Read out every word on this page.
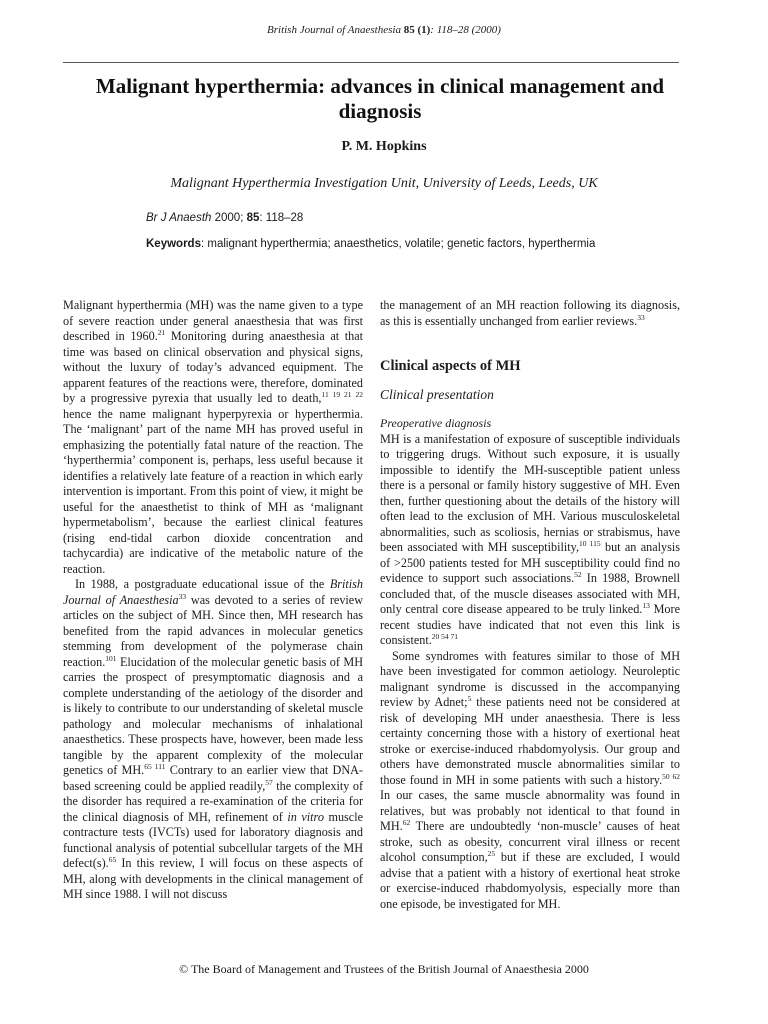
British Journal of Anaesthesia 85 (1): 118–28 (2000)
Malignant hyperthermia: advances in clinical management and diagnosis
P. M. Hopkins
Malignant Hyperthermia Investigation Unit, University of Leeds, Leeds, UK
Br J Anaesth 2000; 85: 118–28
Keywords: malignant hyperthermia; anaesthetics, volatile; genetic factors, hyperthermia

Malignant hyperthermia (MH) was the name given to a type of severe reaction under general anaesthesia that was first described in 1960.21 Monitoring during anaesthesia at that time was based on clinical observation and physical signs, without the luxury of today’s advanced equipment. The apparent features of the reactions were, therefore, dominated by a progressive pyrexia that usually led to death,$^{11 19 21 22}$ hence the name malignant hyperpyrexia or hyperthermia. The ‘malignant’ part of the name MH has proved useful in emphasizing the potentially fatal nature of the reaction. The ‘hyperthermia’ component is, perhaps, less useful because it identifies a relatively late feature of a reaction in which early intervention is important. From this point of view, it might be useful for the anaesthetist to think of MH as ‘malignant hypermetabolism’, because the earliest clinical features (rising end-tidal carbon dioxide concentration and tachycardia) are indicative of the metabolic nature of the reaction.

In 1988, a postgraduate educational issue of the British Journal of Anaesthesia$^{33}$ was devoted to a series of review articles on the subject of MH. Since then, MH research has benefited from the rapid advances in molecular genetics stemming from development of the polymerase chain reaction.$^{101}$ Elucidation of the molecular genetic basis of MH carries the prospect of presymptomatic diagnosis and a complete understanding of the aetiology of the disorder and is likely to contribute to our understanding of skeletal muscle pathology and molecular mechanisms of inhalational anaesthetics. These prospects have, however, been made less tangible by the apparent complexity of the molecular genetics of MH.$^{65 111}$ Contrary to an earlier view that DNA-based screening could be applied readily,$^{57}$ the complexity of the disorder has required a re-examination of the criteria for the clinical diagnosis of MH, refinement of in vitro muscle contracture tests (IVCTs) used for laboratory diagnosis and functional analysis of potential subcellular targets of the MH defect(s).$^{65}$ In this review, I will focus on these aspects of MH, along with developments in the clinical management of MH since 1988. I will not discuss

the management of an MH reaction following its diagnosis, as this is essentially unchanged from earlier reviews.$^{33}$

Clinical aspects of MH
Clinical presentation
Preoperative diagnosis

MH is a manifestation of exposure of susceptible individuals to triggering drugs. Without such exposure, it is usually impossible to identify the MH-susceptible patient unless there is a personal or family history suggestive of MH. Even then, further questioning about the details of the history will often lead to the exclusion of MH. Various musculoskeletal abnormalities, such as scoliosis, hernias or strabismus, have been associated with MH susceptibility,$^{10 115}$ but an analysis of >2500 patients tested for MH susceptibility could find no evidence to support such associations.$^{52}$ In 1988, Brownell concluded that, of the muscle diseases associated with MH, only central core disease appeared to be truly linked.$^{13}$ More recent studies have indicated that not even this link is consistent.$^{20 54 71}$

Some syndromes with features similar to those of MH have been investigated for common aetiology. Neuroleptic malignant syndrome is discussed in the accompanying review by Adnet;$^5$ these patients need not be considered at risk of developing MH under anaesthesia. There is less certainty concerning those with a history of exertional heat stroke or exercise-induced rhabdomyolysis. Our group and others have demonstrated muscle abnormalities similar to those found in MH in some patients with such a history.$^{50 62}$ In our cases, the same muscle abnormality was found in relatives, but was probably not identical to that found in MH.$^{62}$ There are undoubtedly ‘non-muscle’ causes of heat stroke, such as obesity, concurrent viral illness or recent alcohol consumption,$^{25}$ but if these are excluded, I would advise that a patient with a history of exertional heat stroke or exercise-induced rhabdomyolysis, especially more than one episode, be investigated for MH.

© The Board of Management and Trustees of the British Journal of Anaesthesia 2000
